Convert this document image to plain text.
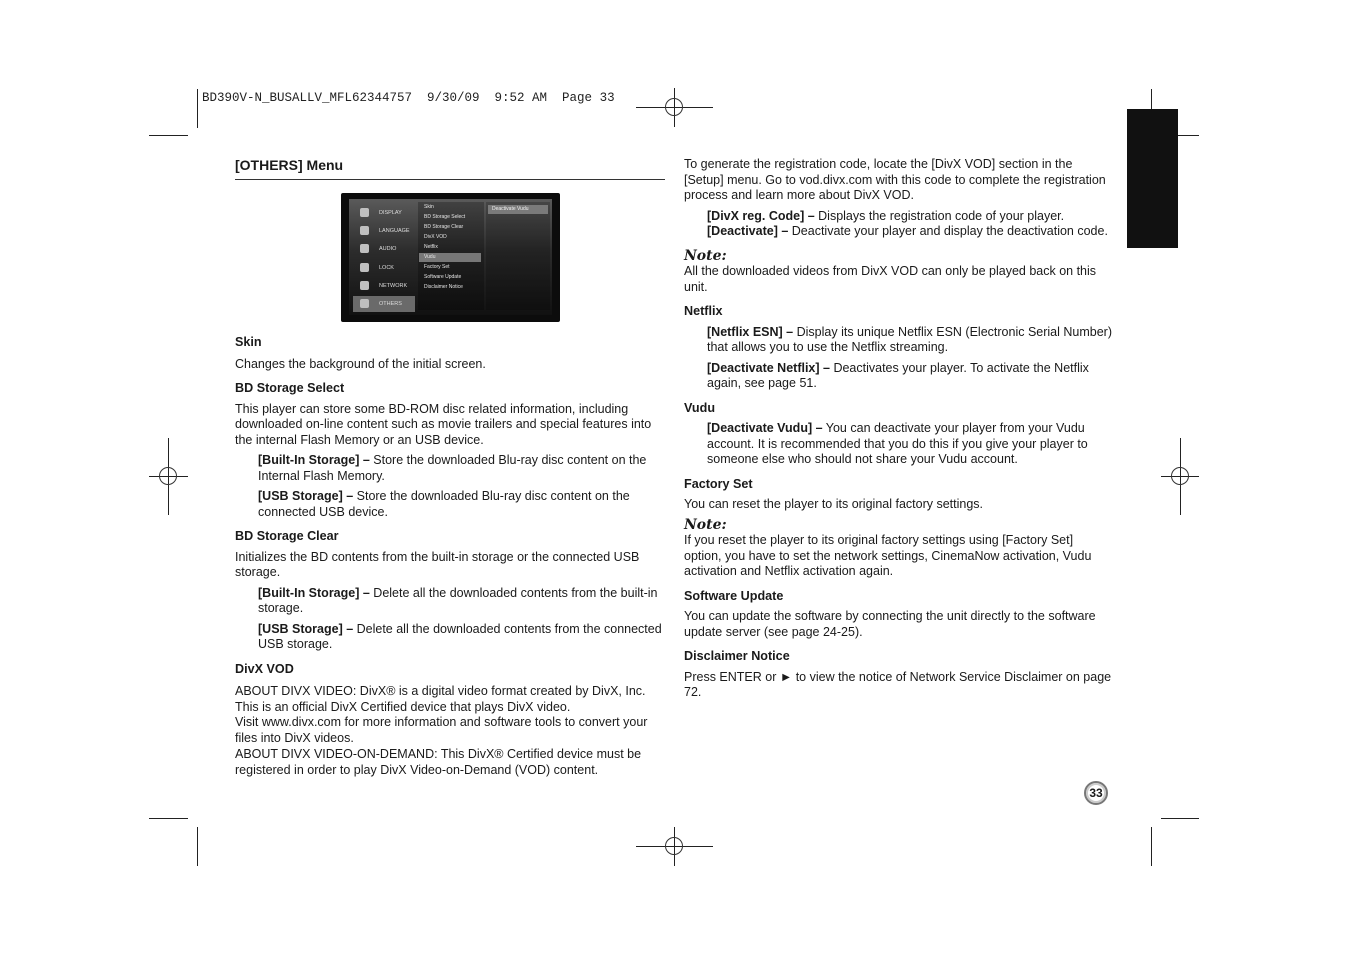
BD390V-N_BUSALLV_MFL62344757  9/30/09  9:52 AM  Page 33
[OTHERS] Menu
DISPLAY
LANGUAGE
AUDIO
LOCK
NETWORK
OTHERS
Skin
BD Storage Select
BD Storage Clear
DivX VOD
Netflix
Vudu
Factory Set
Software Update
Disclaimer Notice
Deactivate Vudu

Skin

Changes the background of the initial screen.

BD Storage Select

This player can store some BD-ROM disc related information, including downloaded on-line content such as movie trailers and special features into the internal Flash Memory or an USB device.

[Built-In Storage] – Store the downloaded Blu-ray disc content on the Internal Flash Memory.

[USB Storage] – Store the downloaded Blu-ray disc content on the connected USB device.

BD Storage Clear

Initializes the BD contents from the built-in storage or the connected USB storage.

[Built-In Storage] – Delete all the downloaded contents from the built-in storage.

[USB Storage] – Delete all the downloaded contents from the connected USB storage.

DivX VOD

ABOUT DIVX VIDEO: DivX® is a digital video format created by DivX, Inc. This is an official DivX Certified device that plays DivX video.

Visit www.divx.com for more information and software tools to convert your files into DivX videos.

ABOUT DIVX VIDEO-ON-DEMAND: This DivX® Certified device must be registered in order to play DivX Video-on-Demand (VOD) content.

To generate the registration code, locate the [DivX VOD] section in the [Setup] menu. Go to vod.divx.com with this code to complete the registration process and learn more about DivX VOD.

[DivX reg. Code] – Displays the registration code of your player.

[Deactivate] – Deactivate your player and display the deactivation code.

Note:

All the downloaded videos from DivX VOD can only be played back on this unit.

Netflix

[Netflix ESN] – Display its unique Netflix ESN (Electronic Serial Number) that allows you to use the Netflix streaming.

[Deactivate Netflix] – Deactivates your player. To activate the Netflix again, see page 51.

Vudu

[Deactivate Vudu] – You can deactivate your player from your Vudu account. It is recommended that you do this if you give your player to someone else who should not share your Vudu account.

Factory Set

You can reset the player to its original factory settings.

Note:

If you reset the player to its original factory settings using [Factory Set] option, you have to set the network settings, CinemaNow activation, Vudu activation and Netflix activation again.

Software Update

You can update the software by connecting the unit directly to the software update server (see page 24-25).

Disclaimer Notice

Press ENTER or ► to view the notice of Network Service Disclaimer on page 72.

33
